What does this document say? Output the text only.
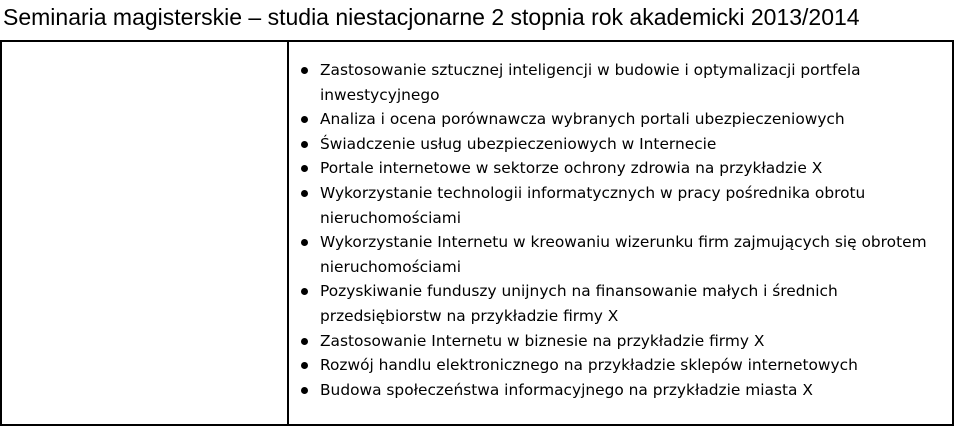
Seminaria magisterskie – studia niestacjonarne 2 stopnia rok akademicki 2013/2014
Zastosowanie sztucznej inteligencji w budowie i optymalizacji portfela inwestycyjnego
Analiza i ocena porównawcza wybranych portali ubezpieczeniowych
Świadczenie usług ubezpieczeniowych w Internecie
Portale internetowe w sektorze ochrony zdrowia na przykładzie X
Wykorzystanie technologii informatycznych w pracy pośrednika obrotu nieruchomościami
Wykorzystanie Internetu w kreowaniu wizerunku firm zajmujących się obrotem nieruchomościami
Pozyskiwanie funduszy unijnych na finansowanie małych i średnich przedsiębiorstw na przykładzie firmy X
Zastosowanie Internetu w biznesie na przykładzie firmy X
Rozwój handlu elektronicznego na przykładzie sklepów internetowych
Budowa społeczeństwa informacyjnego na przykładzie miasta X
